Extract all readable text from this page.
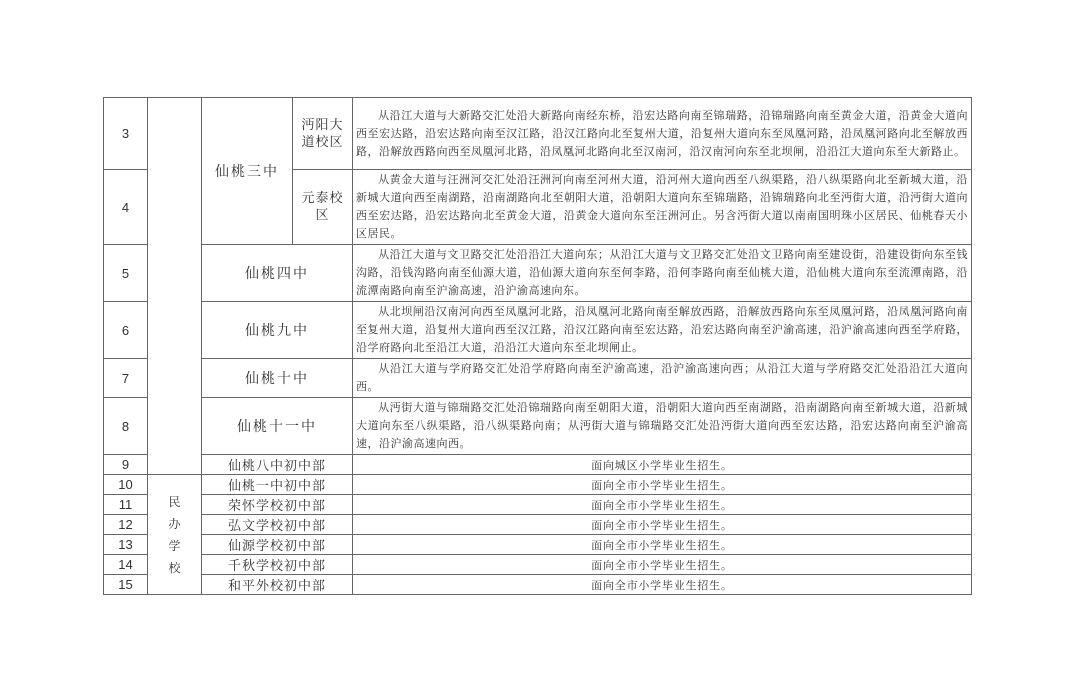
3		仙桃三中	沔阳大道校区	从沿江大道与大新路交汇处沿大新路向南经东桥，沿宏达路向南至锦瑞路，沿锦瑞路向南至黄金大道，沿黄金大道向西至宏达路，沿宏达路向南至汉江路，沿汉江路向北至复州大道，沿复州大道向东至凤凰河路，沿凤凰河路向北至解放西路，沿解放西路向西至凤凰河北路，沿凤凰河北路向北至汉南河，沿汉南河向东至北坝闸，沿沿江大道向东至大新路止。
4			元泰校区	从黄金大道与汪洲河交汇处沿汪洲河向南至河州大道，沿河州大道向西至八纵渠路，沿八纵渠路向北至新城大道，沿新城大道向西至南湖路，沿南湖路向北至朝阳大道，沿朝阳大道向东至锦瑞路，沿锦瑞路向北至沔街大道，沿沔街大道向西至宏达路，沿宏达路向北至黄金大道，沿黄金大道向东至汪洲河止。另含沔街大道以南南国明珠小区居民、仙桃春天小区居民。
5		仙桃四中		从沿江大道与文卫路交汇处沿沿江大道向东；从沿江大道与文卫路交汇处沿文卫路向南至建设街，沿建设街向东至钱沟路，沿钱沟路向南至仙源大道，沿仙源大道向东至何李路，沿何李路向南至仙桃大道，沿仙桃大道向东至流潭南路，沿流潭南路向南至沪渝高速，沿沪渝高速向东。
6		仙桃九中		从北坝闸沿汉南河向西至凤凰河北路，沿凤凰河北路向南至解放西路，沿解放西路向东至凤凰河路，沿凤凰河路向南至复州大道，沿复州大道向西至汉江路，沿汉江路向南至宏达路，沿宏达路向南至沪渝高速，沿沪渝高速向西至学府路，沿学府路向北至沿江大道，沿沿江大道向东至北坝闸止。
7		仙桃十中		从沿江大道与学府路交汇处沿学府路向南至沪渝高速，沿沪渝高速向西；从沿江大道与学府路交汇处沿沿江大道向西。
8		仙桃十一中		从沔街大道与锦瑞路交汇处沿锦瑞路向南至朝阳大道，沿朝阳大道向西至南湖路，沿南湖路向南至新城大道，沿新城大道向东至八纵渠路，沿八纵渠路向南；从沔街大道与锦瑞路交汇处沿沔街大道向西至宏达路，沿宏达路向南至沪渝高速，沿沪渝高速向西。
9		仙桃八中初中部		面向城区小学毕业生招生。
10	民办学校	仙桃一中初中部		面向全市小学毕业生招生。
11		荣怀学校初中部		面向全市小学毕业生招生。
12		弘文学校初中部		面向全市小学毕业生招生。
13		仙源学校初中部		面向全市小学毕业生招生。
14		千秋学校初中部		面向全市小学毕业生招生。
15		和平外校初中部		面向全市小学毕业生招生。
